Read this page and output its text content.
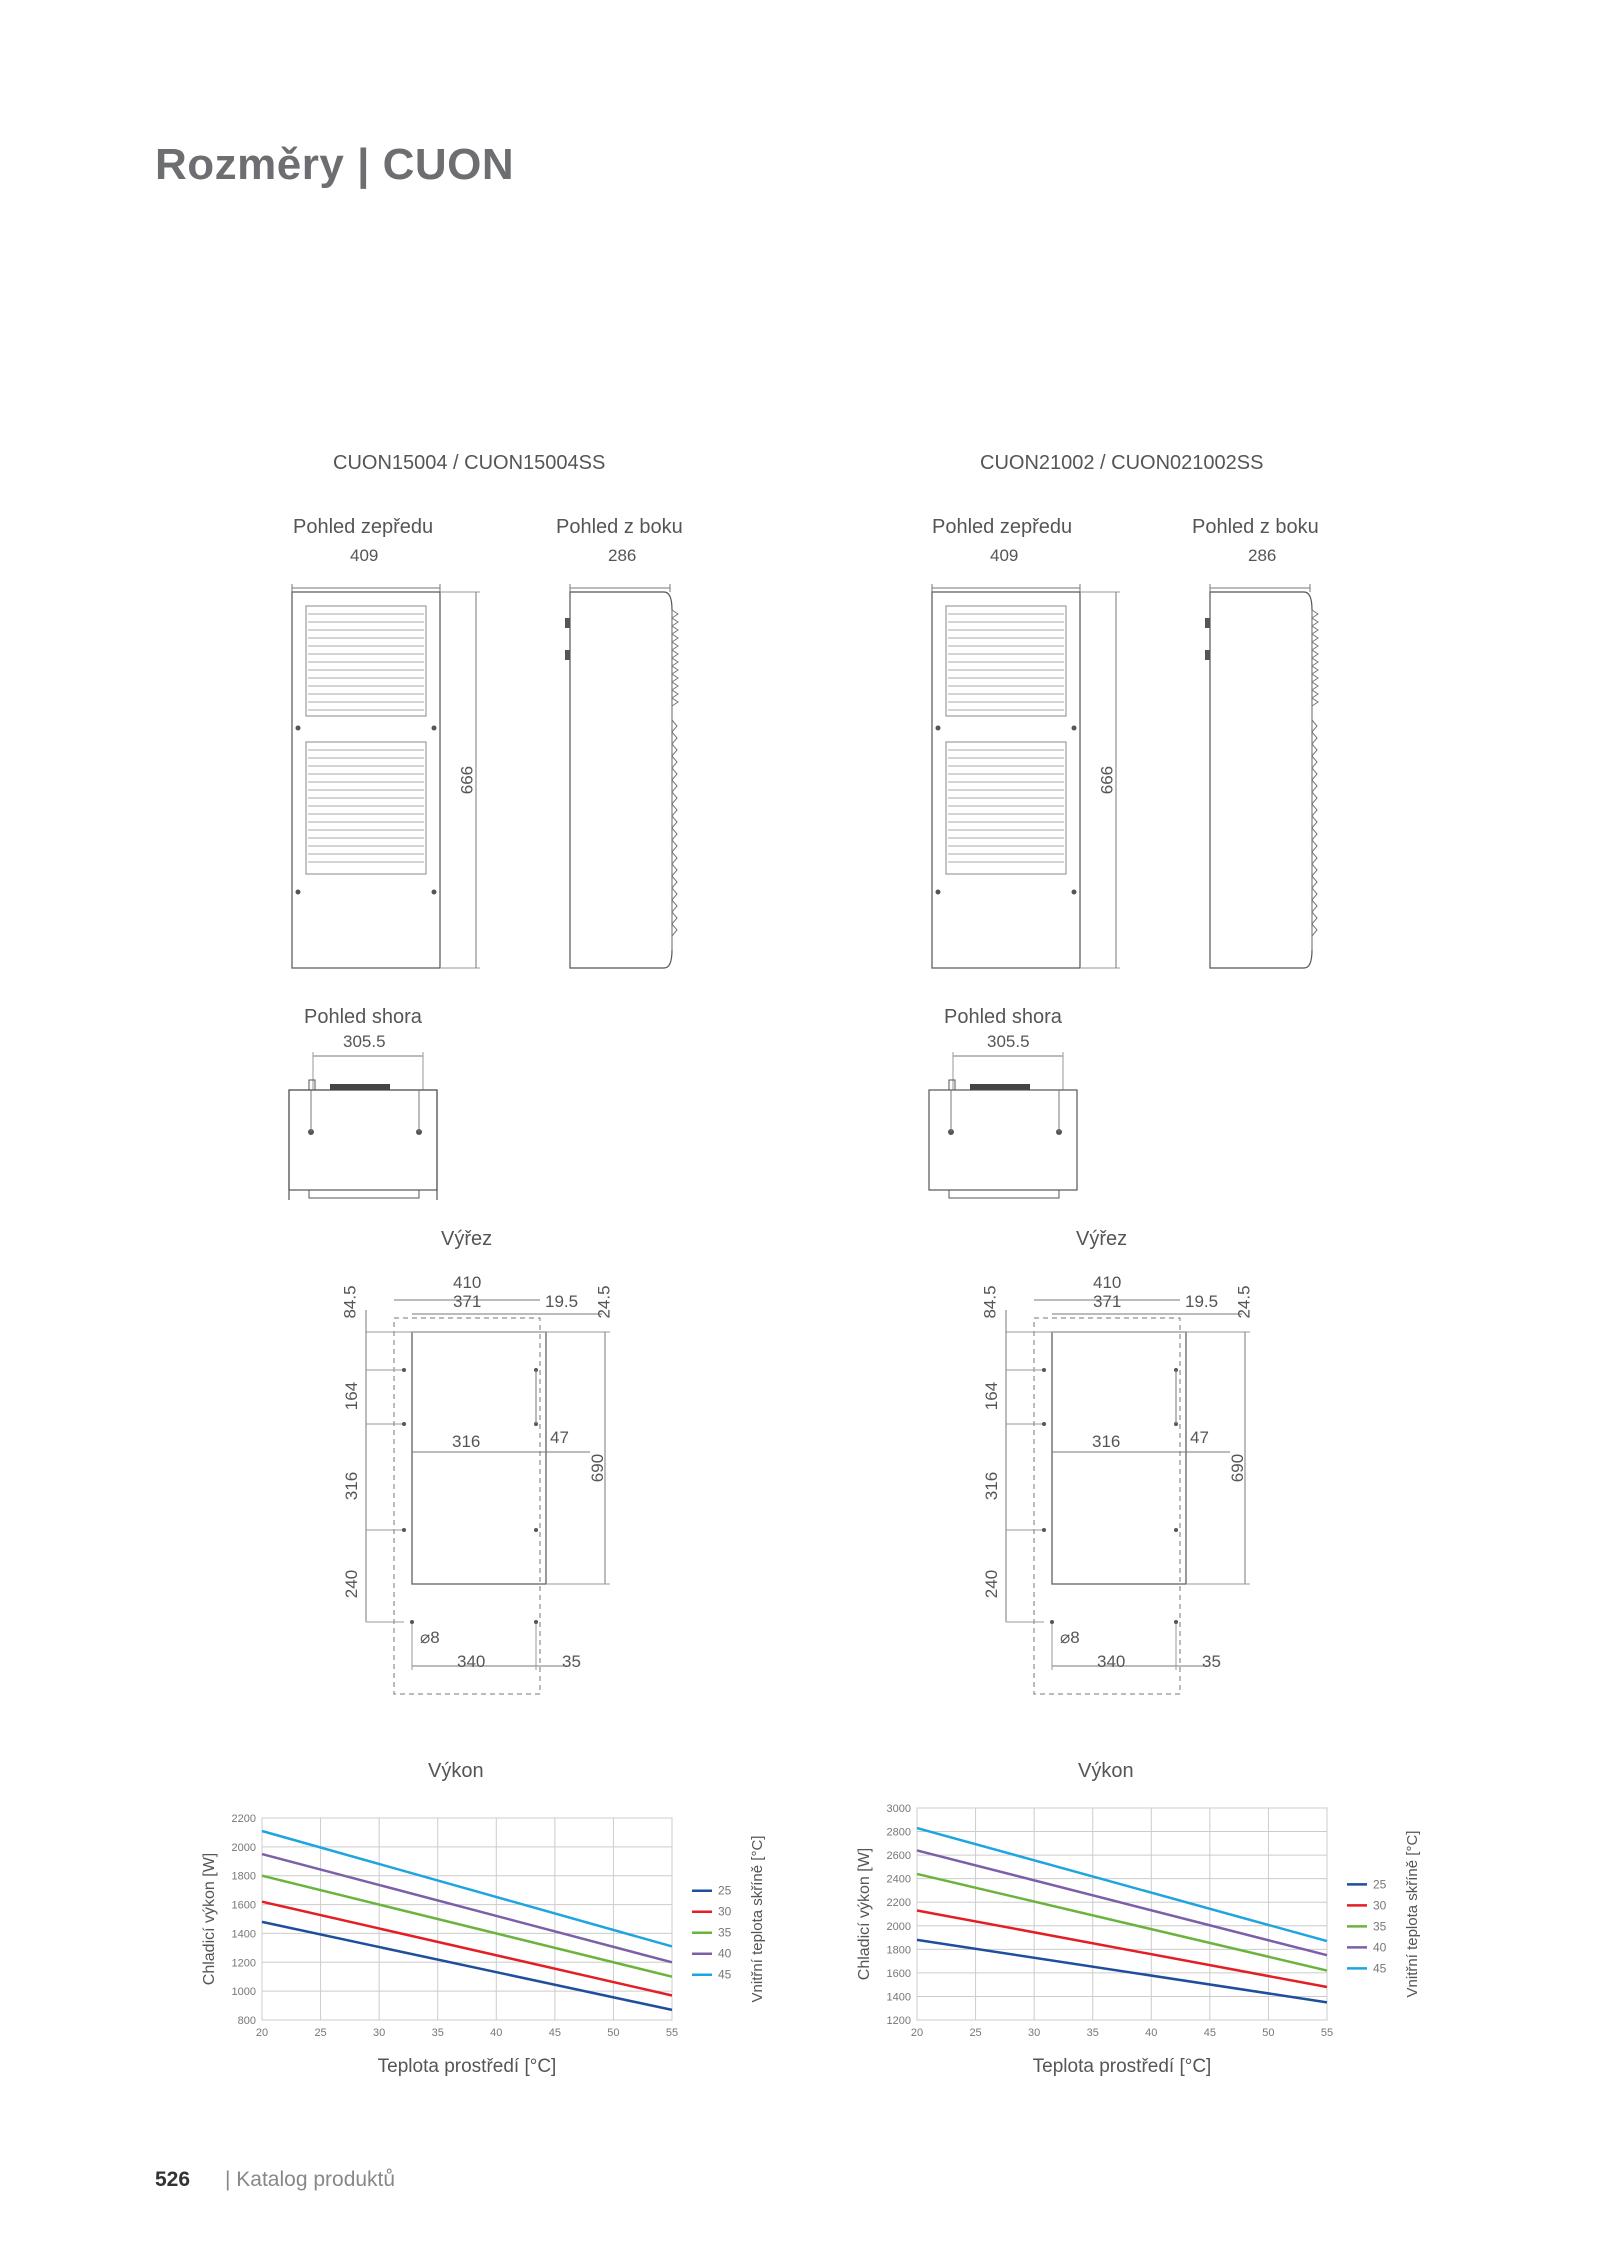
Rozměry | CUON
CUON15004 / CUON15004SS
Pohled zepředu
409
Pohled z boku
286
999
Pohled shora
305.5
Výřez
410
371	19.5 24.5
84.5
164
316
240
316	47
690
⌀8
340	35
CUON21002 / CUON021002SS
Pohled zepředu
409
Pohled z boku
286
999
Pohled shora
305.5
Výřez
410
371	19.5 24.5
84.5
164
316
240
316	47
690
⌀8
340	35
Výkon
800
1000
1200
1400
1600
1800
2000
2200
20	25	30	35	40	45	50	55
25
30
35
40
45 Vnitřní teplota skříně [°C]
Chladicí výkon [W]
Teplota prostředí [°C]
Výkon
1200
1400
1600
1800
2000
2200
2400
2600
2800
3000
20	25	30	35	40	45	50	55
25
30
35
40
45 Vnitřní teplota skříně [°C]
Chladicí výkon [W]
Teplota prostředí [°C]
526 | Katalog produktů
